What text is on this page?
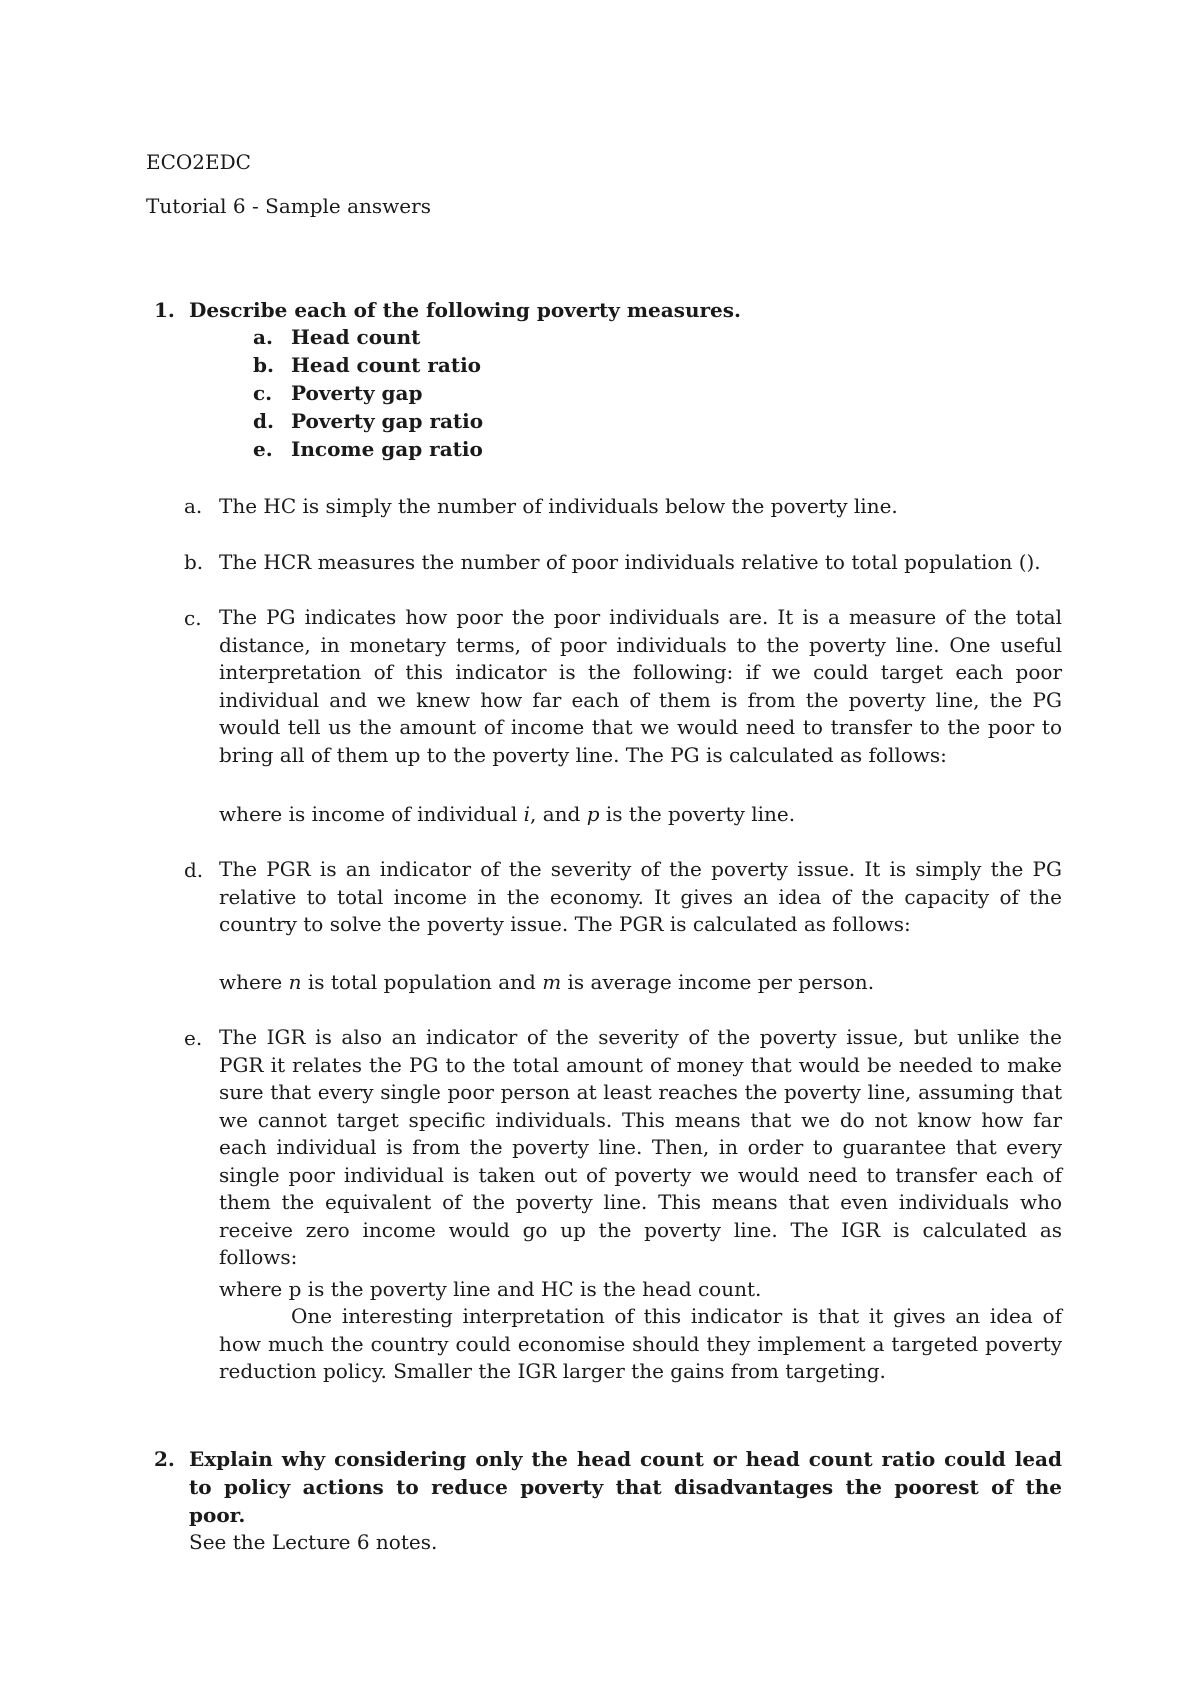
ECO2EDC
Tutorial 6 - Sample answers
1. Describe each of the following poverty measures.
a. Head count
b. Head count ratio
c. Poverty gap
d. Poverty gap ratio
e. Income gap ratio
a. The HC is simply the number of individuals below the poverty line.
b. The HCR measures the number of poor individuals relative to total population ().
c. The PG indicates how poor the poor individuals are. It is a measure of the total distance, in monetary terms, of poor individuals to the poverty line. One useful interpretation of this indicator is the following: if we could target each poor individual and we knew how far each of them is from the poverty line, the PG would tell us the amount of income that we would need to transfer to the poor to bring all of them up to the poverty line. The PG is calculated as follows:
where is income of individual i, and p is the poverty line.
d. The PGR is an indicator of the severity of the poverty issue. It is simply the PG relative to total income in the economy. It gives an idea of the capacity of the country to solve the poverty issue. The PGR is calculated as follows:
where n is total population and m is average income per person.
e. The IGR is also an indicator of the severity of the poverty issue, but unlike the PGR it relates the PG to the total amount of money that would be needed to make sure that every single poor person at least reaches the poverty line, assuming that we cannot target specific individuals. This means that we do not know how far each individual is from the poverty line. Then, in order to guarantee that every single poor individual is taken out of poverty we would need to transfer each of them the equivalent of the poverty line. This means that even individuals who receive zero income would go up the poverty line. The IGR is calculated as follows:
where p is the poverty line and HC is the head count.
One interesting interpretation of this indicator is that it gives an idea of how much the country could economise should they implement a targeted poverty reduction policy. Smaller the IGR larger the gains from targeting.
2. Explain why considering only the head count or head count ratio could lead to policy actions to reduce poverty that disadvantages the poorest of the poor.
See the Lecture 6 notes.
